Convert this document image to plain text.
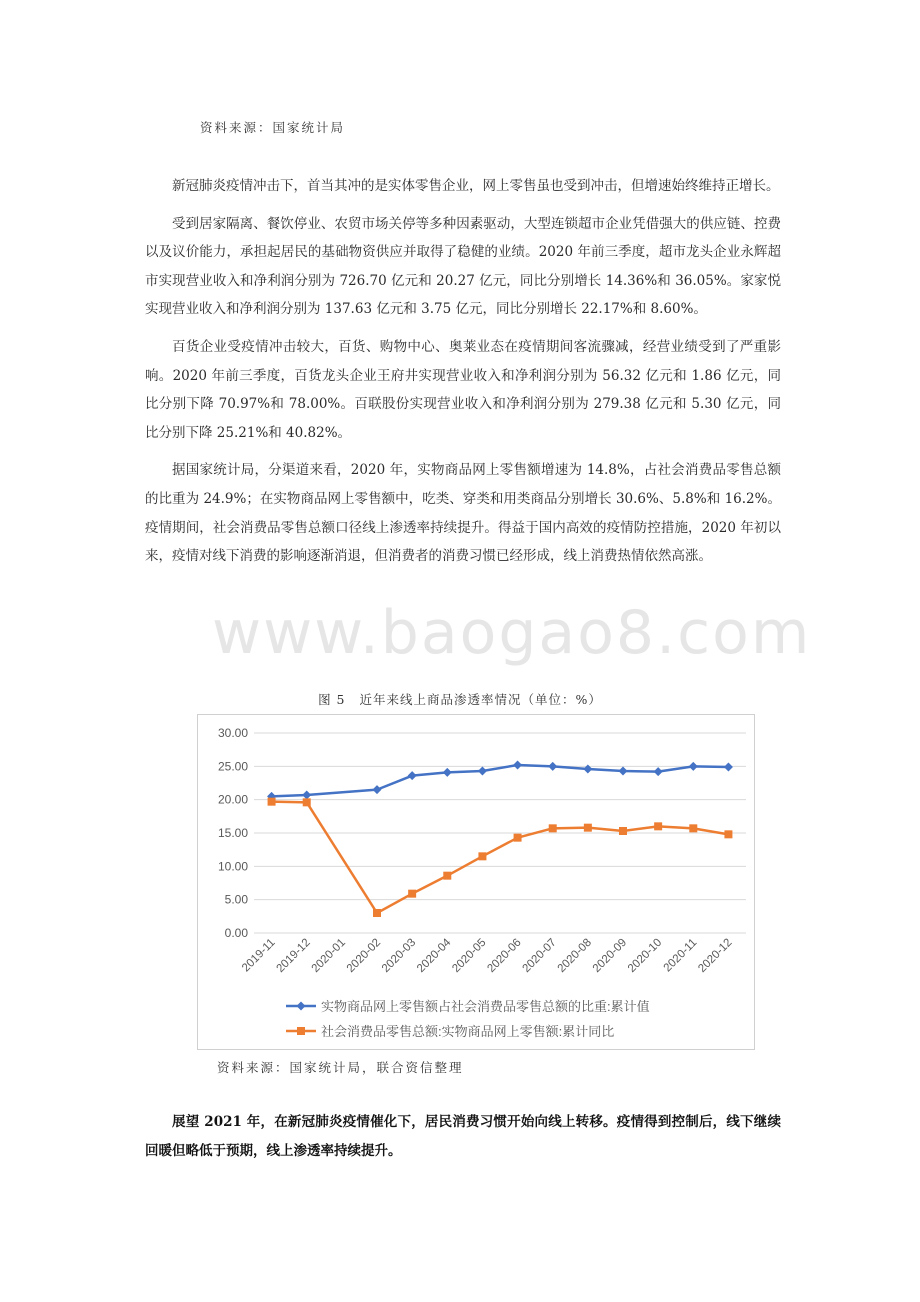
资料来源：国家统计局

新冠肺炎疫情冲击下，首当其冲的是实体零售企业，网上零售虽也受到冲击，但增速始终维持正增长。

受到居家隔离、餐饮停业、农贸市场关停等多种因素驱动，大型连锁超市企业凭借强大的供应链、控费以及议价能力，承担起居民的基础物资供应并取得了稳健的业绩。2020 年前三季度，超市龙头企业永辉超市实现营业收入和净利润分别为 726.70 亿元和 20.27 亿元，同比分别增长 14.36%和 36.05%。家家悦实现营业收入和净利润分别为 137.63 亿元和 3.75 亿元，同比分别增长 22.17%和 8.60%。

百货企业受疫情冲击较大，百货、购物中心、奥莱业态在疫情期间客流骤减，经营业绩受到了严重影响。2020 年前三季度，百货龙头企业王府井实现营业收入和净利润分别为 56.32 亿元和 1.86 亿元，同比分别下降 70.97%和 78.00%。百联股份实现营业收入和净利润分别为 279.38 亿元和 5.30 亿元，同比分别下降 25.21%和 40.82%。

据国家统计局，分渠道来看，2020 年，实物商品网上零售额增速为 14.8%，占社会消费品零售总额的比重为 24.9%；在实物商品网上零售额中，吃类、穿类和用类商品分别增长 30.6%、5.8%和 16.2%。疫情期间，社会消费品零售总额口径线上渗透率持续提升。得益于国内高效的疫情防控措施，2020 年初以来，疫情对线下消费的影响逐渐消退，但消费者的消费习惯已经形成，线上消费热情依然高涨。

www.baogao8.com
图 5 近年来线上商品渗透率情况（单位：%）
30.00
25.00
20.00
15.00
10.00
5.00
0.00
2019-11
2019-12
2020-01
2020-02
2020-03
2020-04
2020-05
2020-06
2020-07
2020-08
2020-09
2020-10
2020-11
2020-12
实物商品网上零售额占社会消费品零售总额的比重:累计值
社会消费品零售总额:实物商品网上零售额:累计同比
资料来源：国家统计局，联合资信整理

展望 2021 年，在新冠肺炎疫情催化下，居民消费习惯开始向线上转移。疫情得到控制后，线下继续回暖但略低于预期，线上渗透率持续提升。
